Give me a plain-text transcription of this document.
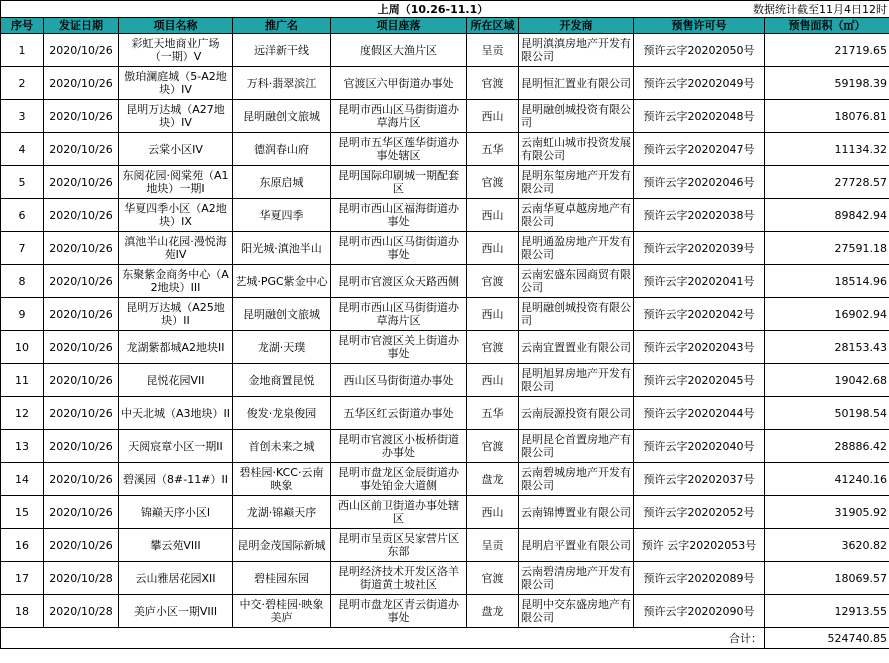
			上周（10.26-11.1）				数据统计截至11月4日12时	
序号	发证日期	项目名称	推广名	项目座落	所在区域	开发商	预售许可号	预售面积（㎡）
1	2020/10/26	彩虹天地商业广场（一期）V	远洋新干线	度假区大渔片区	呈贡	昆明滇滇房地产开发有限公司	预许云字20202050号	21719.65
2	2020/10/26	傲珀澜庭城（5-A2地块）IV	万科·翡翠滨江	官渡区六甲街道办事处	官渡	昆明恒汇置业有限公司	预许云字20202049号	59198.39
3	2020/10/26	昆明万达城（A27地块）IV	昆明融创文旅城	昆明市西山区马街街道办草海片区	西山	昆明融创城投资有限公司	预许云字20202048号	18076.81
4	2020/10/26	云棠小区IV	德润春山府	昆明市五华区莲华街道办事处辖区	五华	云南虹山城市投资发展有限公司	预许云字20202047号	11134.32
5	2020/10/26	东阅花园·阅棠苑（A1地块）一期I	东原启城	昆明国际印刷城一期配套区	官渡	昆明东玺房地产开发有限公司	预许云字20202046号	27728.57
6	2020/10/26	华夏四季小区（A2地块）IX	华夏四季	昆明市西山区福海街道办事处	西山	云南华夏卓越房地产有限公司	预许云字20202038号	89842.94
7	2020/10/26	滇池半山花园·漫悦海苑IV	阳光城·滇池半山	昆明市西山区马街街道办事处	西山	昆明通盈房地产开发有限公司	预许云字20202039号	27591.18
8	2020/10/26	东聚紫金商务中心（A2地块）III	艺城·PGC紫金中心	昆明市官渡区众天路西侧	官渡	云南宏盛东园商贸有限公司	预许云字20202041号	18514.96
9	2020/10/26	昆明万达城（A25地块）II	昆明融创文旅城	昆明市西山区马街街道办草海片区	西山	昆明融创城投资有限公司	预许云字20202042号	16902.94
10	2020/10/26	龙湖紫都城A2地块II	龙湖·天璞	昆明市官渡区关上街道办事处	官渡	云南宜置置业有限公司	预许云字20202043号	28153.43
11	2020/10/26	昆悦花园VII	金地商置昆悦	西山区马街街道办事处	西山	昆明旭昇房地产开发有限公司	预许云字20202045号	19042.68
12	2020/10/26	中天北城（A3地块）II	俊发·龙泉俊园	五华区红云街道办事处	五华	云南辰源投资有限公司	预许云字20202044号	50198.54
13	2020/10/26	天阅宸章小区一期II	首创未来之城	昆明市官渡区小板桥街道办事处	官渡	昆明昆仑首置房地产有限公司	预许云字20202040号	28886.42
14	2020/10/26	碧溪园（8#-11#）II	碧桂园·KCC·云南映象	昆明市盘龙区金辰街道办事处铂金大道侧	盘龙	云南碧城房地产开发有限公司	预许云字20202037号	41240.16
15	2020/10/26	锦巅天序小区I	龙湖·锦巅天序	西山区前卫街道办事处辖区	西山	云南锦博置业有限公司	预许云字20202052号	31905.92
16	2020/10/26	攀云苑VIII	昆明金茂国际新城	昆明市呈贡区吴家营片区东部	呈贡	昆明启平置业有限公司	预许 云字20202053号	3620.82
17	2020/10/28	云山雅居花园XII	碧桂园东园	昆明经济技术开发区洛羊街道黄土坡社区	官渡	云南碧清房地产开发有限公司	预许云字20202089号	18069.57
18	2020/10/28	美庐小区一期VIII	中交·碧桂园·映象美庐	昆明市盘龙区青云街道办事处	盘龙	昆明中交东盛房地产有限公司	预许云字20202090号	12913.55
							合计：	524740.85
